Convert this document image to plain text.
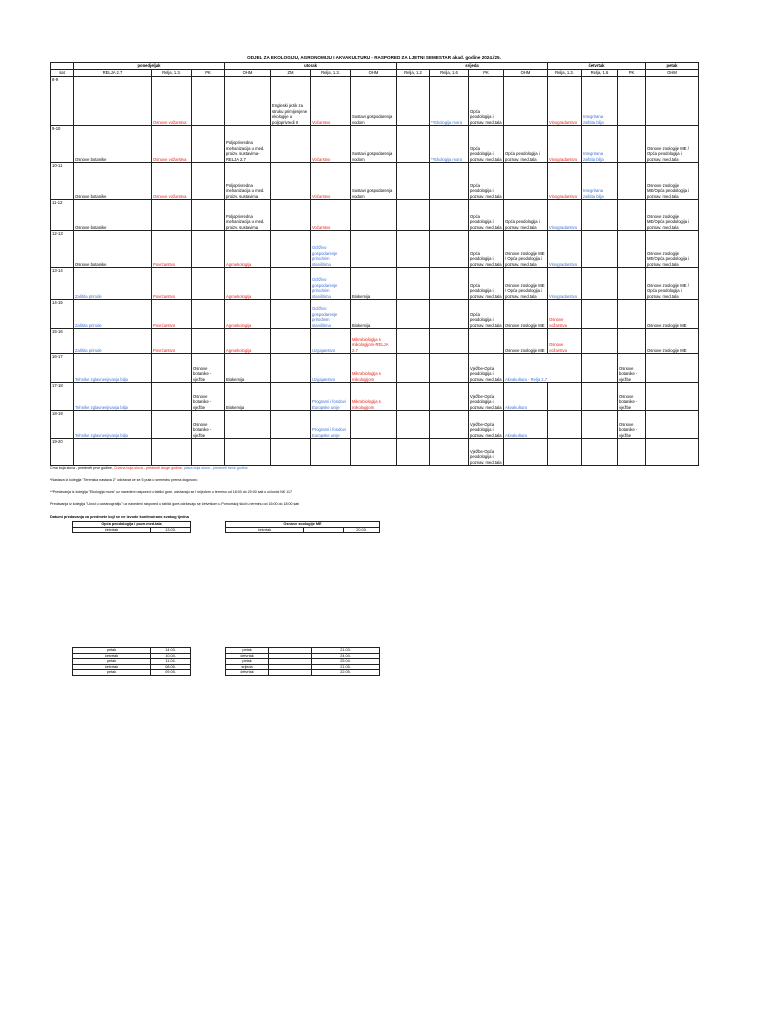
ODJEL ZA EKOLOGIJU, AGRONOMIJU I AKVAKULTURU - RASPORED ZA LJETNI SEMESTAR akad. godine 2024./25.
	ponedjeljak			utorak				srijeda				četvrtak			petak
sat	RELJA 2.7	Relja, 1.3.	PK	OHM	ZM	Relja, 1.3.	OHM	Relja, 1.2	Relja, 1.6	PK	OHM	Relja, 1.3.	Relja, 1.6	PK	OHM
8-9		Osnove vožarstva			Engleski jezik za struku primijenjene ekologije u poljoprivredi II	Vočarstvo	Sustavi gospodarenja vodom		**Ekologija mora	Opća peodologija i poznav. med.tala		Vinogradarstvo	Integrirana zaštita bilja		
9-10	Osnove botanike	Osnove vožarstva		Poljoprivredna mehanizacija u med. proizv. sustavima-RELJA 2.7		Vočarstvo	Sustavi gospodarenja vodom		**Ekologija mora	Opća peodologija i poznav. med.tala	Opća peodologija i poznav. med.tala	Vinogradarstvo	Integrirana zaštita bilja		Osnove zoologije ME / Opća peodologija i poznav. med.tala
10-11	Osnove botanike	Osnove vožarstva		Poljoprivredna mehanizacija u med. proizv. sustavima		Vočarstvo	Sustavi gospodarenja vodom			Opća peodologija i poznav. med.tala		Vinogradarstvo	Integrirana zaštita bilja		Osnove zoologije ME/Opća peodologija i poznav. med.tala
11-12	Osnove botanike			Poljoprivredna mehanizacija u med. proizv. sustavima		Vočarstvo				Opća peodologija i poznav. med.tala	Opća peodologija i poznav. med.tala	Vinogradarstvo			Osnove zoologije ME/Opća peodologija i poznav. med.tala
12-13	Osnove botanike	Povrćarstvo		Agroekologija		Održivo gospodarenje prirodnim staništima				Opća peodologija i poznav. med.tala	Osnove zoologije ME / Opća peodologija i poznav. med.tala	Vinogradarstvo			Osnove zoologije ME/Opća peodologija i poznav. med.tala
13-14	Zaštita prirode	Povrćarstvo		Agroekologija		Održivo gospodarenje prirodnim staništima	Biokemija			Opća peodologija i poznav. med.tala	Osnove zoologije ME / Opća peodologija i poznav. med.tala	Vinogradarstvo			Osnove zoologije ME / Opća peodologija i poznav. med.tala
14-15	Zaštita prirode	Povrćarstvo		Agroekologija		Održivo gospodarenje prirodnim staništima	Biokemija			Opća peodologija i poznav. med.tala	Osnove zoologije ME	Osnove vožarstva			Osnove zoologije ME
15-16	Zaštita prirode	Povrćarstvo		Agroekologija		Uzgajanstvo	Mikrobiologija s mikologijom-RELJA 2.7				Osnove zoologije ME	Osnove vožarstva			Osnove zoologije ME
16-17	Tehnike zglavnenjivanja bilja		Osnove botanike - vježbe	Biokemija		Uzgajanstvo	Mikrobiologija s mikologijom			Vježbe-Opća peodologija i poznav. med.tala	Akvakultura - Relja 2.7			Osnove botanike - vježbe	
17-18	Tehnike zglavnenjivanja bilja		Osnove botanike - vježbe	Biokemija		Programi i fondovi Europske unije	Mikrobiologija s mikologijom			Vježbe-Opća peodologija i poznav. med.tala	Akvakultura			Osnove botanike - vježbe	
18-19	Tehnike zglavnenjivanja bilja		Osnove botanike - vježbe			Programi i fondovi Europske unije				Vježbe-Opća peodologija i poznav. med.tala	Akvakultura			Osnove botanike - vježbe	
19-20										Vježbe-Opća peodologija i poznav. med.tala					
Crna boja slova - predmeti prve godine, Crvena boja slova - predmeti druge godine, plava boja slova - predmeti treće godine
*Nastava iz kolegija "Terenska nastava 2" održavat će se 5 puta u semestru prema dogovoru
**Predavanja iz kolegija "Ekologija mora" uz navedeni raspored u tablici gore, održavaju se i srijedom u terminu od 18:00 do 20:00 sati u učionici NK 117
Predavanja iz kolegija "Uvod u oceanografiju" uz navedeni raspored u tablici gore,održavaju se četvrtkom u Pomorskoj školi u terminu od 16:00 do 18:00 sati
Datumi predavanja za predmete koji se ne izvode kontinuirano svakog tjedna
Opća peodologija i pozn.med.tala
četvrtak	13.03.
Osnove zoologije ME
četvrtak		20.03.
petak	14.03.
četvrtak	10.04.
petak	11.04.
četvrtak	08.05.
petak	09.05.
petak		21.03.
četvrtak		24.04.
petak		25.04.
srijeda		21.05.
četvrtak		22.05.
